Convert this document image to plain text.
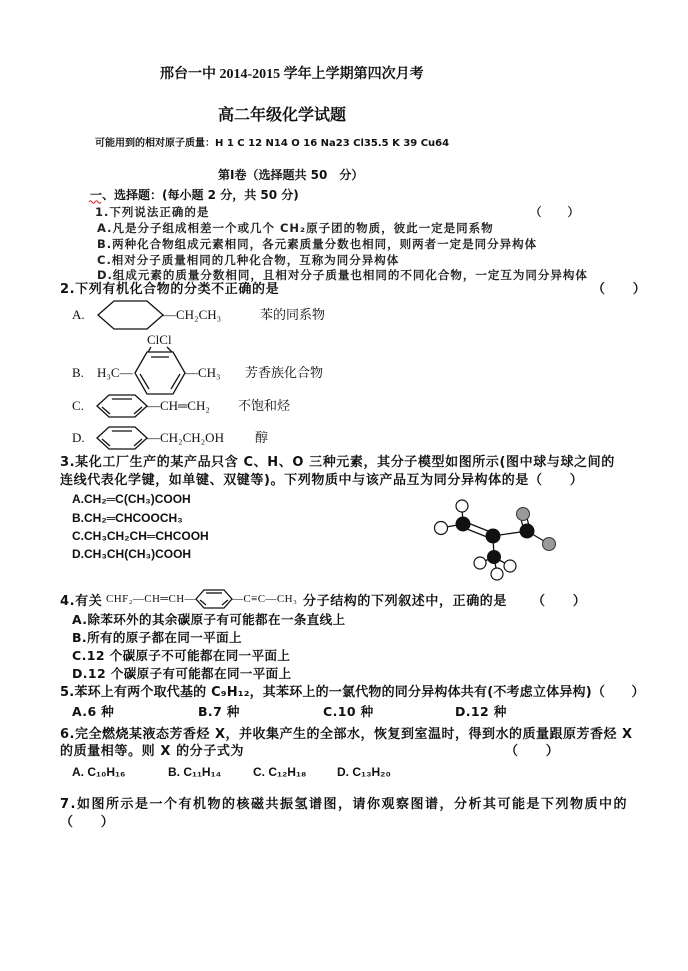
邢台一中 2014-2015 学年上学期第四次月考
高二年级化学试题
可能用到的相对原子质量：H 1 C 12 N14 O 16 Na23 Cl35.5 K 39 Cu64
第Ⅰ卷（选择题共 50　分）
一、选择题：(每小题 2 分，共 50 分)
1.下列说法正确的是	（　　）
A.凡是分子组成相差一个或几个 CH₂原子团的物质，彼此一定是同系物
B.两种化合物组成元素相同，各元素质量分数也相同，则两者一定是同分异构体
C.相对分子质量相同的几种化合物，互称为同分异构体
D.组成元素的质量分数相同，且相对分子质量也相同的不同化合物，一定互为同分异构体
2.下列有机化合物的分类不正确的是	（　　）
A.	—CH₂CH₃	苯的同系物
ClCl
B. H₃C—	—CH₃ 芳香族化合物
C.	—CH═CH₂ 不饱和烃
D.	—CH₂CH₂OH 醇
3.某化工厂生产的某产品只含 C、H、O 三种元素，其分子模型如图所示(图中球与球之间的
连线代表化学键，如单键、双键等)。下列物质中与该产品互为同分异构体的是（　　）
A.CH₂═C(CH₃)COOH
B.CH₂═CHCOOCH₃
C.CH₃CH₂CH═CHCOOH
D.CH₃CH(CH₃)COOH
4.有关 CHF₂—CH═CH—	—C≡C—CH₃ 分子结构的下列叙述中，正确的是 （　　）
A.除苯环外的其余碳原子有可能都在一条直线上
B.所有的原子都在同一平面上
C.12 个碳原子不可能都在同一平面上
D.12 个碳原子有可能都在同一平面上
5.苯环上有两个取代基的 C₉H₁₂，其苯环上的一氯代物的同分异构体共有(不考虑立体异构)（　　）
A.6 种	B.7 种	C.10 种	D.12 种
6.完全燃烧某液态芳香烃 X，并收集产生的全部水，恢复到室温时，得到水的质量跟原芳香烃 X
的质量相等。则 X 的分子式为	（　　）
A. C₁₀H₁₆	B. C₁₁H₁₄	C. C₁₂H₁₈	D. C₁₃H₂₀
7.如图所示是一个有机物的核磁共振氢谱图，请你观察图谱，分析其可能是下列物质中的
（　　）
